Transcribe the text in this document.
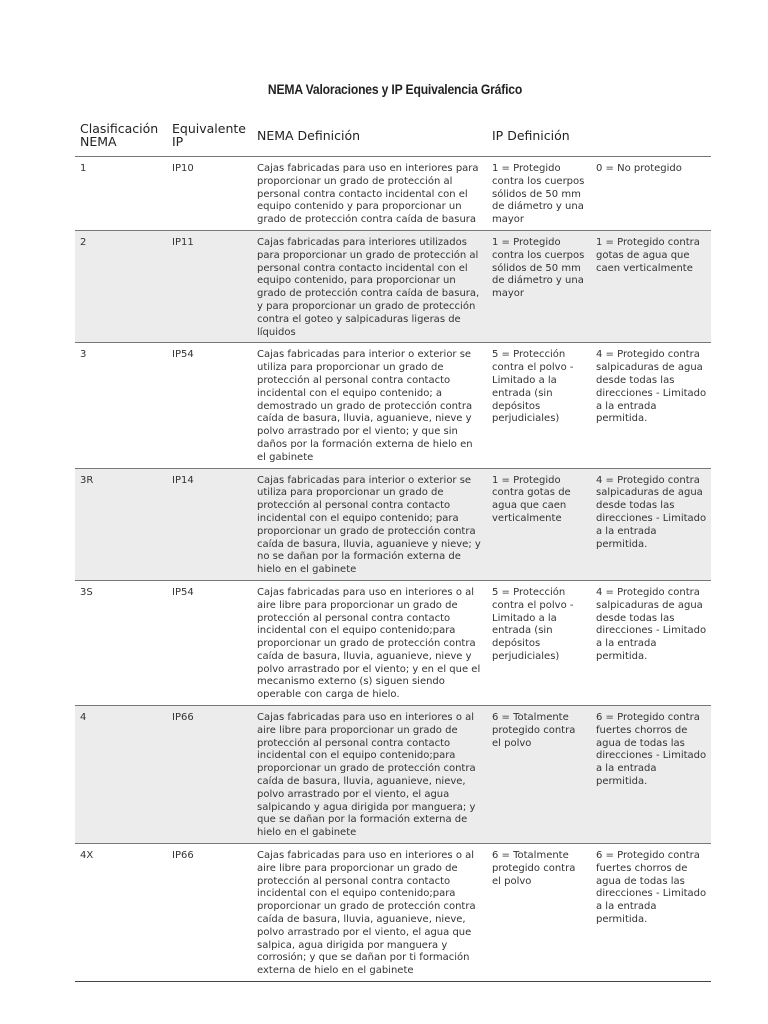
NEMA Valoraciones y IP Equivalencia Gráfico
Clasificación NEMA	Equivalente IP	NEMA Definición	IP Definición	
1	IP10	Cajas fabricadas para uso en interiores para proporcionar un grado de protección al personal contra contacto incidental con el equipo contenido y para proporcionar un grado de protección contra caída de basura	1 = Protegido contra los cuerpos sólidos de 50 mm de diámetro y una mayor	0 = No protegido
2	IP11	Cajas fabricadas para interiores utilizados para proporcionar un grado de protección al personal contra contacto incidental con el equipo contenido, para proporcionar un grado de protección contra caída de basura, y para proporcionar un grado de protección contra el goteo y salpicaduras ligeras de líquidos	1 = Protegido contra los cuerpos sólidos de 50 mm de diámetro y una mayor	1 = Protegido contra gotas de agua que caen verticalmente
3	IP54	Cajas fabricadas para interior o exterior se utiliza para proporcionar un grado de protección al personal contra contacto incidental con el equipo contenido; a demostrado un grado de protección contra caída de basura, lluvia, aguanieve, nieve y polvo arrastrado por el viento; y que sin daños por la formación externa de hielo en el gabinete	5 = Protección contra el polvo - Limitado a la entrada (sin depósitos perjudiciales)	4 = Protegido contra salpicaduras de agua desde todas las direcciones - Limitado a la entrada permitida.
3R	IP14	Cajas fabricadas para interior o exterior se utiliza para proporcionar un grado de protección al personal contra contacto incidental con el equipo contenido; para proporcionar un grado de protección contra caída de basura, lluvia, aguanieve y nieve; y no se dañan por la formación externa de hielo en el gabinete	1 = Protegido contra gotas de agua que caen verticalmente	4 = Protegido contra salpicaduras de agua desde todas las direcciones - Limitado a la entrada permitida.
3S	IP54	Cajas fabricadas para uso en interiores o al aire libre para proporcionar un grado de protección al personal contra contacto incidental con el equipo contenido;para proporcionar un grado de protección contra caída de basura, lluvia, aguanieve, nieve y polvo arrastrado por el viento; y en el que el mecanismo externo (s) siguen siendo operable con carga de hielo.	5 = Protección contra el polvo - Limitado a la entrada (sin depósitos perjudiciales)	4 = Protegido contra salpicaduras de agua desde todas las direcciones - Limitado a la entrada permitida.
4	IP66	Cajas fabricadas para uso en interiores o al aire libre para proporcionar un grado de protección al personal contra contacto incidental con el equipo contenido;para proporcionar un grado de protección contra caída de basura, lluvia, aguanieve, nieve, polvo arrastrado por el viento, el agua salpicando y agua dirigida por manguera; y que se dañan por la formación externa de hielo en el gabinete	6 = Totalmente protegido contra el polvo	6 = Protegido contra fuertes chorros de agua de todas las direcciones - Limitado a la entrada permitida.
4X	IP66	Cajas fabricadas para uso en interiores o al aire libre para proporcionar un grado de protección al personal contra contacto incidental con el equipo contenido;para proporcionar un grado de protección contra caída de basura, lluvia, aguanieve, nieve, polvo arrastrado por el viento, el agua que salpica, agua dirigida por manguera y corrosión; y que se dañan por ti formación externa de hielo en el gabinete	6 = Totalmente protegido contra el polvo	6 = Protegido contra fuertes chorros de agua de todas las direcciones - Limitado a la entrada permitida.
